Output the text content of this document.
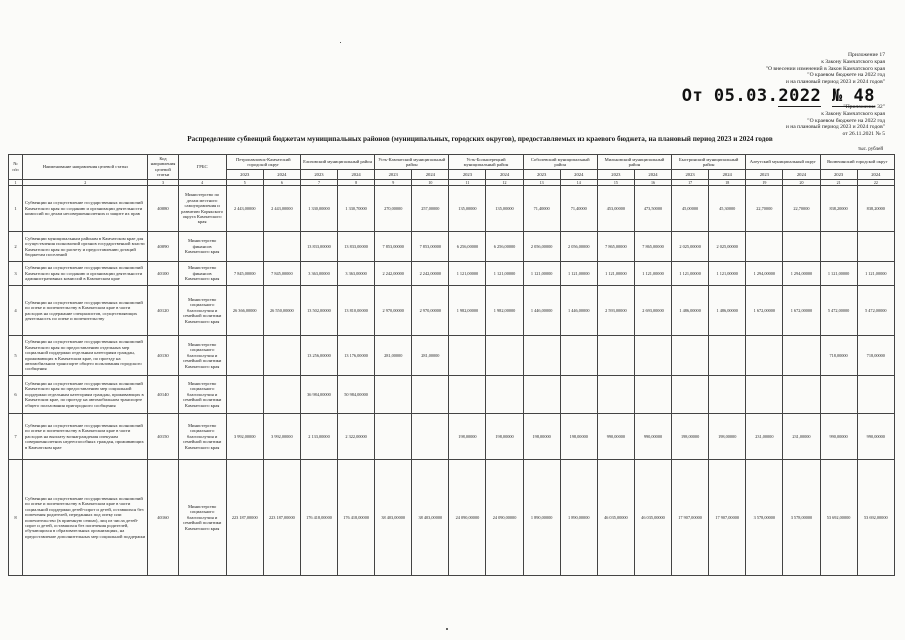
Приложение 17
к Закону Камчатского края
"О внесении изменений в Закон Камчатского края
"О краевом бюджете на 2022 год
и на плановый период 2023 и 2024 годов"
От 05.03.2022 № 48
"Приложение 32"
к Закону Камчатского края
"О краевом бюджете на 2022 год
и на плановый период 2023 и 2024 годов"
от 26.11.2021 № 5
Распределение субвенций бюджетам муниципальных районов (муниципальных, городских округов), предоставляемых из краевого бюджета, на плановый период 2023 и 2024 годов
тыс. рублей
№ п/п	Наименование направления целевой статьи	Код направления целевой статьи	ГРБС	Петропавловск-Камчатский городской округ		Елизовский муниципальный район		Усть-Камчатский муниципальный район		Усть-Большерецкий муниципальный район		Соболевский муниципальный район		Мильковский муниципальный район		Быстринский муниципальный район		Алеутский муниципальный округ		Вилючинский городской округ	
				2023	2024	2023	2024	2023	2024	2023	2024	2023	2024	2023	2024	2023	2024	2023	2024	2023	2024
1	2	3	4	5	6	7	8	9	10	11	12	13	14	15	16	17	18	19	20	21	22
1	Субвенции на осуществление государственных полномочий Камчатского края по созданию и организации деятельности комиссий по делам несовершеннолетних и защите их прав	40080	Министерство по делам местного самоуправления и развитию Корякского округа Камчатского края	2 443,00000	2 443,00000	1 330,00000	1 330,70000	270,00000	257,00000	135,00000	135,00000	71,40000	71,40000	453,00000	473,50000	45,00000	45,30000	22,70000	22,70000	838,20000	838,20000
2	Субвенции муниципальным районам в Камчатском крае для осуществления полномочий органов государственной власти Камчатского края по расчету и предоставлению дотаций бюджетам поселений	40090	Министерство финансов Камчатского края			13 833,00000	13 833,00000	7 853,00000	7 853,00000	6 256,00000	6 256,00000	2 056,00000	2 056,00000	7 865,00000	7 865,00000	2 025,00000	2 025,00000				
3	Субвенции на осуществление государственных полномочий Камчатского края по созданию и организации деятельности административных комиссий в Камчатском крае	40100	Министерство финансов Камчатского края	7 845,00000	7 845,00000	3 363,00000	3 363,00000	2 242,00000	2 242,00000	1 121,00000	1 121,00000	1 121,00000	1 121,00000	1 121,00000	1 121,00000	1 121,00000	1 121,00000	1 294,00000	1 294,00000	1 121,00000	1 121,00000
4	Субвенции на осуществление государственных полномочий по опеке и попечительству в Камчатском крае в части расходов на содержание специалистов, осуществляющих деятельность по опеке и попечительству	40120	Министерство социального благополучия и семейной политики Камчатского края	26 366,00000	26 550,00000	13 502,00000	13 810,00000	2 970,00000	2 970,00000	1 982,00000	1 982,00000	1 446,00000	1 446,00000	2 593,00000	2 693,00000	1 486,00000	1 486,00000	1 672,00000	1 672,00000	5 472,00000	5 472,00000
5	Субвенции на осуществление государственных полномочий Камчатского края по предоставлению отдельных мер социальной поддержки отдельным категориям граждан, проживающих в Камчатском крае, по проезду на автомобильном транспорте общего пользования городского сообщения	40130	Министерство социального благополучия и семейной политики Камчатского края			13 256,00000	13 176,00000	281,00000	281,00000											718,00000	718,00000
6	Субвенции на осуществление государственных полномочий Камчатского края по предоставлению мер социальной поддержки отдельным категориям граждан, проживающих в Камчатском крае, по проезду на автомобильном транспорте общего пользования пригородного сообщения	40140	Министерство социального благополучия и семейной политики Камчатского края			36 984,00000	50 984,00000														
7	Субвенции на осуществление государственных полномочий по опеке и попечительству в Камчатском крае в части расходов на выплату вознаграждения опекунам совершеннолетних недееспособных граждан, проживающих в Камчатском крае	40150	Министерство социального благополучия и семейной политики Камчатского края	3 992,00000	3 992,00000	2 133,00000	2 322,00000			198,00000	198,00000	198,00000	198,00000	990,00000	990,00000	198,00000	198,00000	231,00000	231,00000	990,00000	990,00000
8	Субвенции на осуществление государственных полномочий по опеке и попечительству в Камчатском крае в части социальной поддержки детей-сирот и детей, оставшихся без попечения родителей, переданных под опеку или попечительство (в приемную семью), лиц из числа детей-сирот и детей, оставшихся без попечения родителей, обучающихся в образовательных организациях, на предоставление дополнительных мер социальной поддержки	40160	Министерство социального благополучия и семейной политики Камчатского края	223 187,00000	223 187,00000	176 418,00000	176 418,00000	38 403,00000	38 403,00000	24 090,00000	24 090,00000	1 890,00000	1 890,00000	46 035,00000	46 035,00000	17 907,00000	17 907,00000	3 578,00000	3 578,00000	53 692,00000	53 692,00000
